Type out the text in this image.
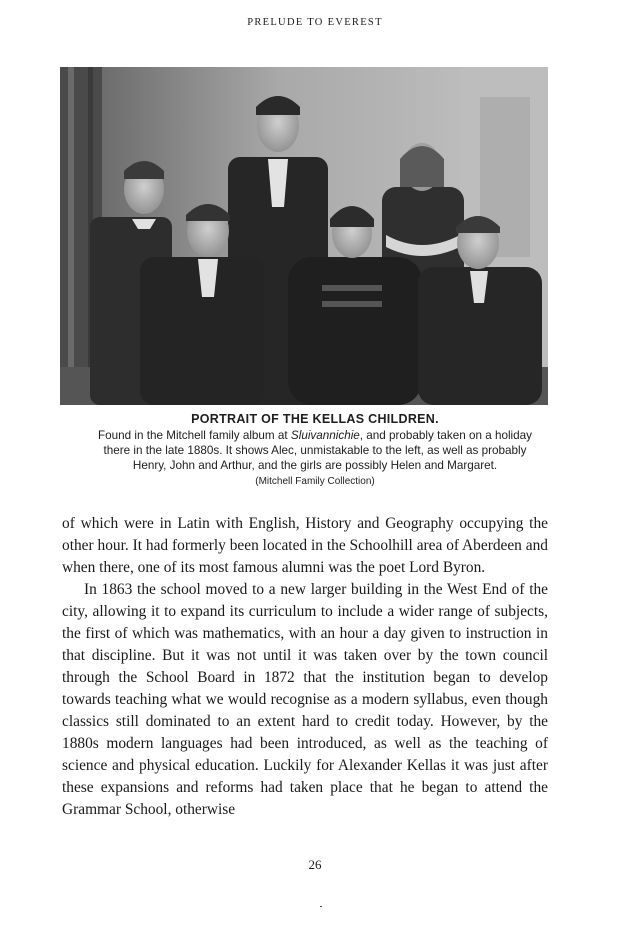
PRELUDE TO EVEREST
PORTRAIT OF THE KELLAS CHILDREN.
Found in the Mitchell family album at Sluivannichie, and probably taken on a holiday
there in the late 1880s. It shows Alec, unmistakable to the left, as well as probably
Henry, John and Arthur, and the girls are possibly Helen and Margaret.
(Mitchell Family Collection)

of which were in Latin with English, History and Geography occupying the other hour. It had formerly been located in the Schoolhill area of Aberdeen and when there, one of its most famous alumni was the poet Lord Byron.

In 1863 the school moved to a new larger building in the West End of the city, allowing it to expand its curriculum to include a wider range of subjects, the first of which was mathematics, with an hour a day given to instruction in that discipline. But it was not until it was taken over by the town council through the School Board in 1872 that the institution began to develop towards teaching what we would recognise as a modern syllabus, even though classics still dominated to an extent hard to credit today. However, by the 1880s modern languages had been introduced, as well as the teaching of science and physical education. Luckily for Alexander Kellas it was just after these expansions and reforms had taken place that he began to attend the Grammar School, otherwise

26
